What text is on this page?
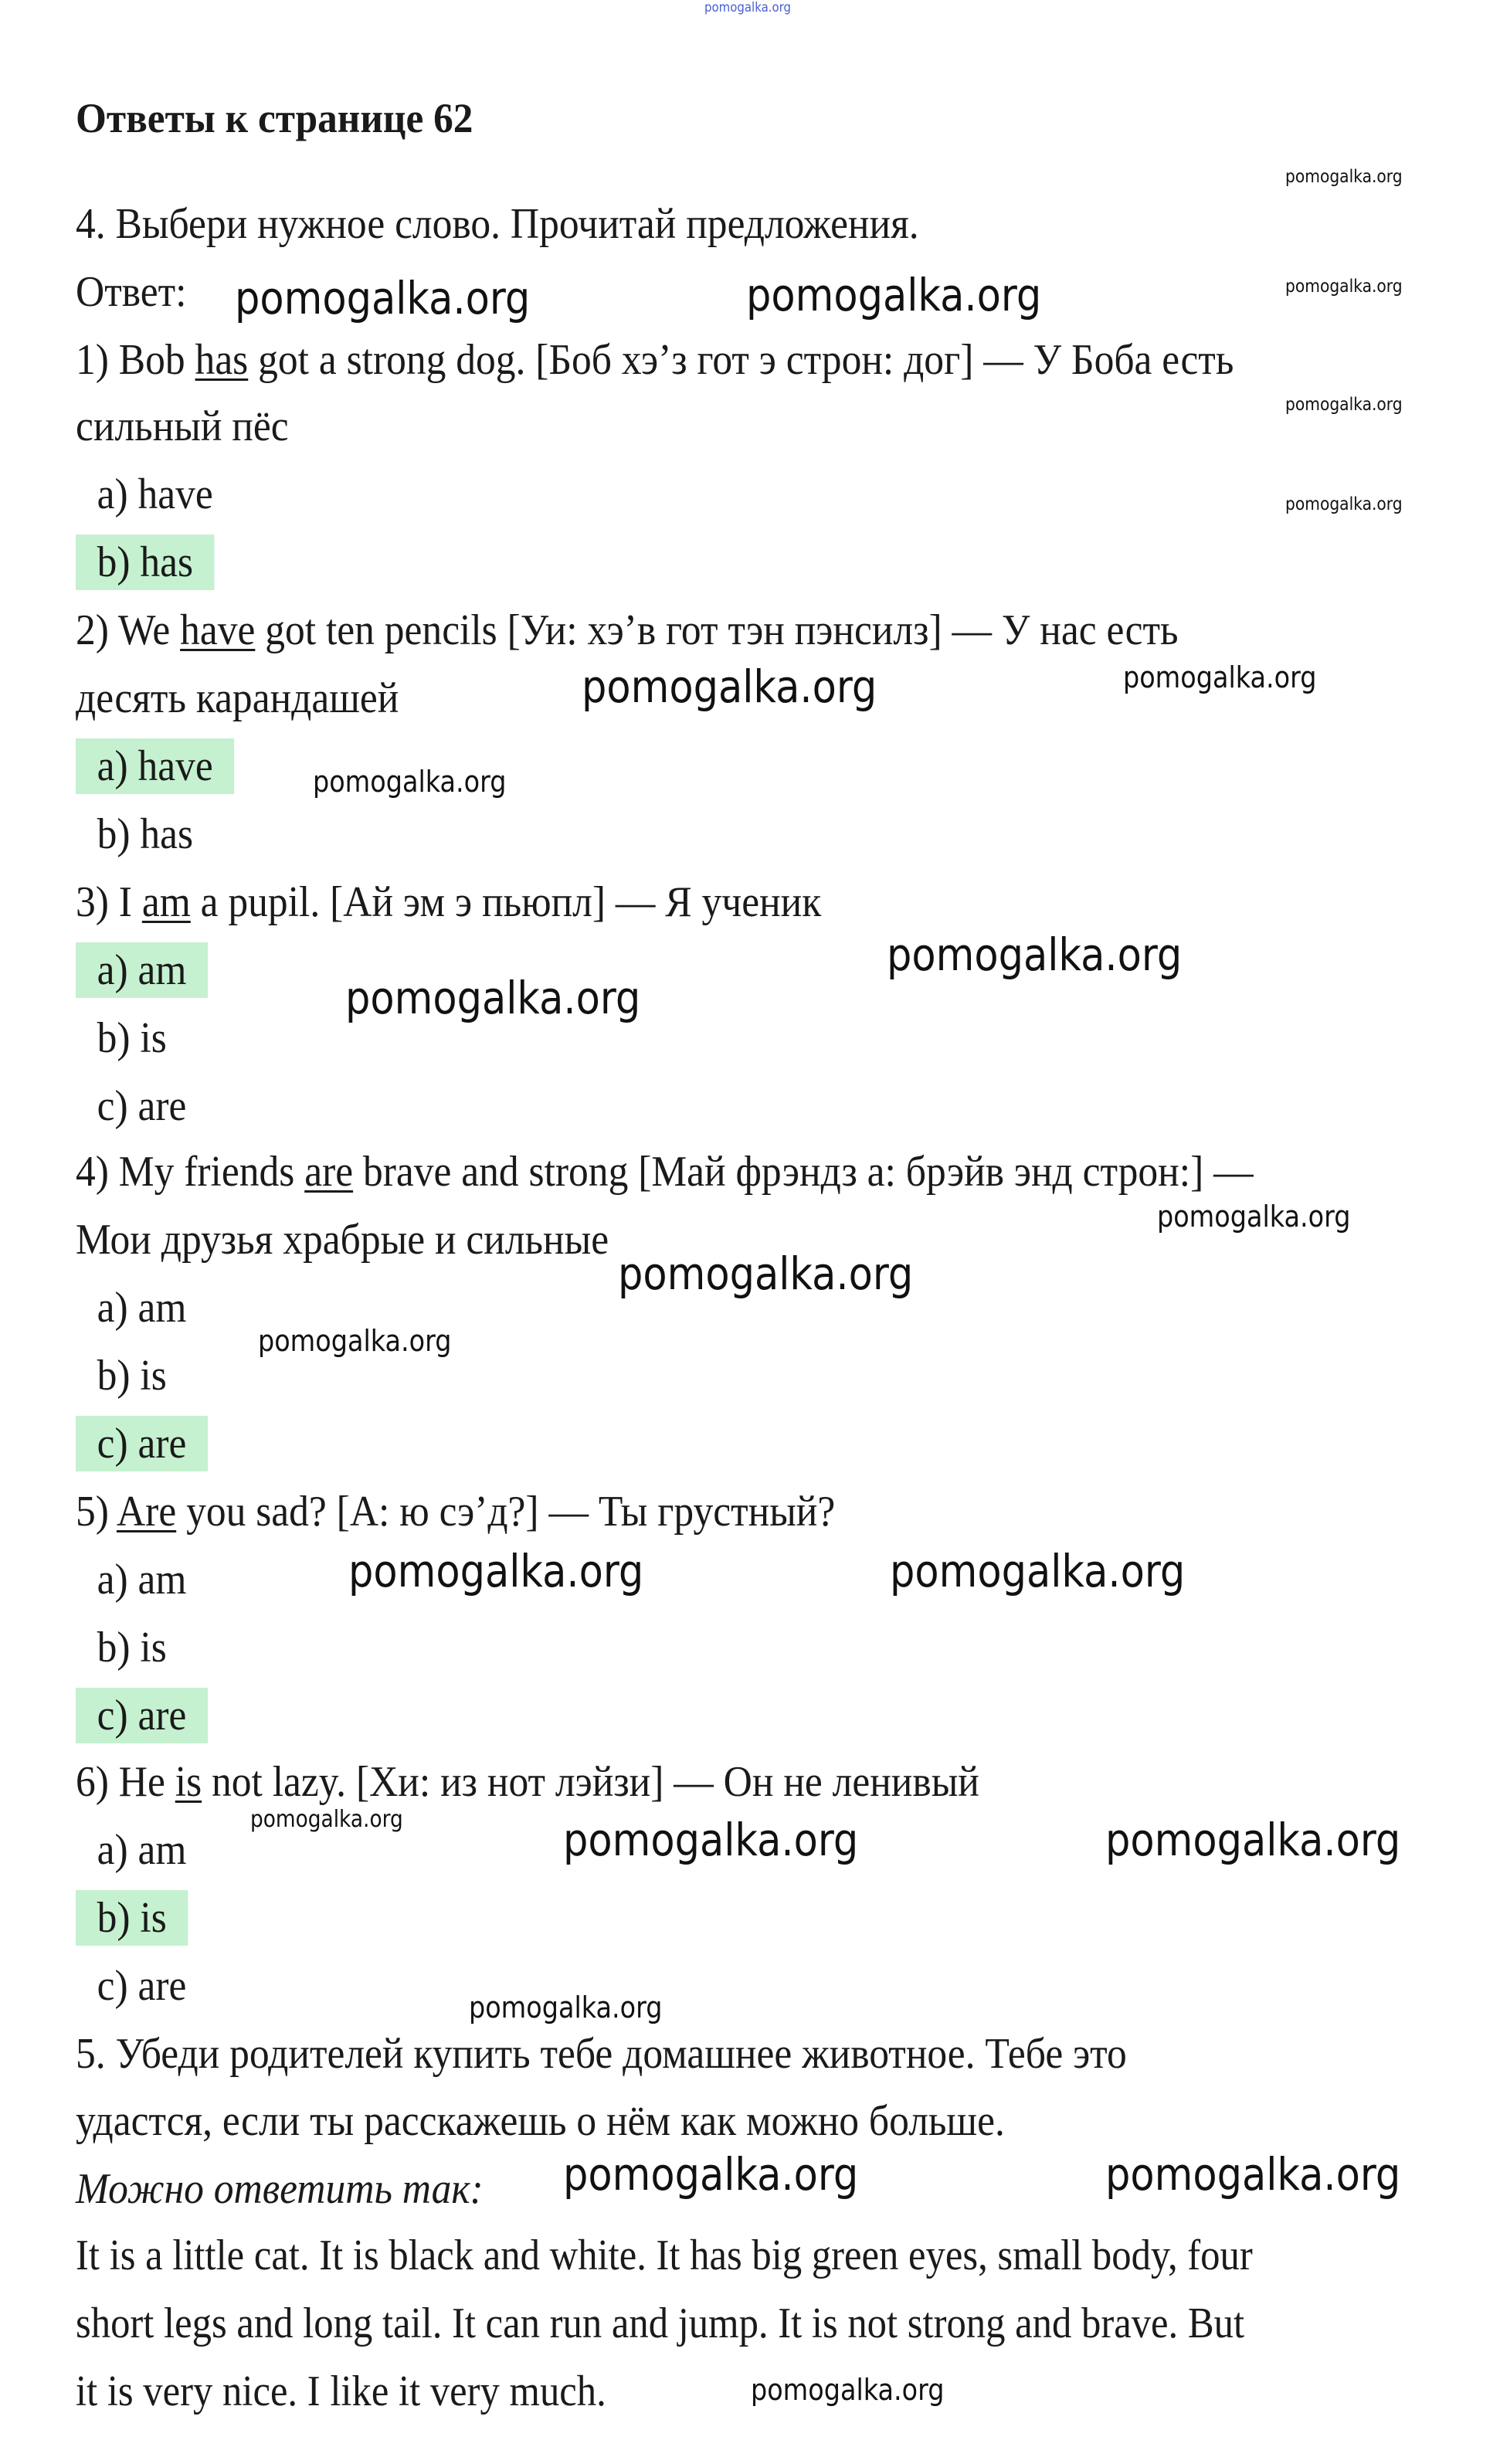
pomogalka.org
Ответы к странице 62
4. Выбери нужное слово. Прочитай предложения.
Ответ:
1) Bob has got a strong dog. [Боб хэ’з гот э строн: дог] — У Боба есть
сильный пёс
a) have
b) has
2) We have got ten pencils [Уи: хэ’в гот тэн пэнсилз] — У нас есть
десять карандашей
a) have
b) has
3) I am a pupil. [Ай эм э пьюпл] — Я ученик
a) am
b) is
c) are
4) My friends are brave and strong [Май фрэндз а: брэйв энд строн:] —
Мои друзья храбрые и сильные
a) am
b) is
c) are
5) Are you sad? [А: ю сэ’д?] — Ты грустный?
a) am
b) is
c) are
6) He is not lazy. [Хи: из нот лэйзи] — Он не ленивый
a) am
b) is
c) are
5. Убеди родителей купить тебе домашнее животное. Тебе это
удастся, если ты расскажешь о нём как можно больше.
Можно ответить так:
It is a little cat. It is black and white. It has big green eyes, small body, four
short legs and long tail. It can run and jump. It is not strong and brave. But
it is very nice. I like it very much.
pomogalka.org	pomogalka.org
pomogalka.org
pomogalka.org
pomogalka.org
pomogalka.org
pomogalka.org	pomogalka.org
pomogalka.org	pomogalka.org
pomogalka.org	pomogalka.org
pomogalka.org
pomogalka.org
pomogalka.org
pomogalka.org
pomogalka.org
pomogalka.org
pomogalka.org
pomogalka.org
pomogalka.org
pomogalka.org
pomogalka.org
